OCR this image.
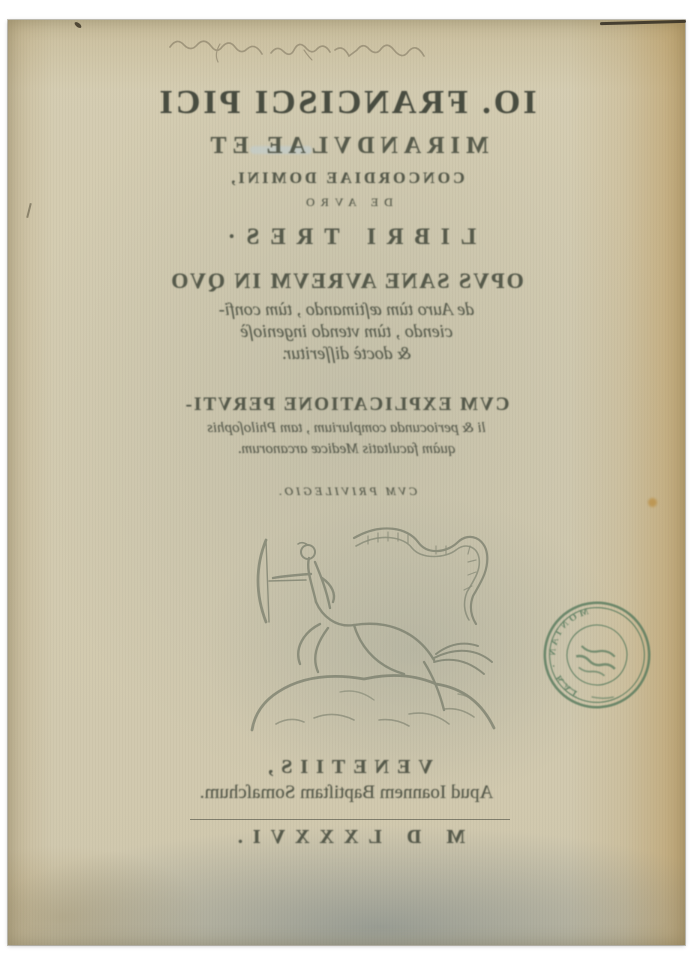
IO. FRANCISCI PICI
MIRANDVLAE ET
CONCORDIAE DOMINI,
DE AVRO
LIBRI TRES·
OPVS SANE AVREVM IN QVO
de Auro tùm æſtimando , tùm confi-
ciendo , tùm vtendo ingenioſè
& doctè diſſeritur.
CVM EXPLICATIONE PERVTI-
li & periocunda complurium , tam Philoſophis
quàm facultatis Medicæ arcanorum.
CVM PRIVILEGIO.
MONTAN · KAT
VENETIIS,
Apud Ioannem Baptiſtam Somaſchum.
M D LXXXVI.
